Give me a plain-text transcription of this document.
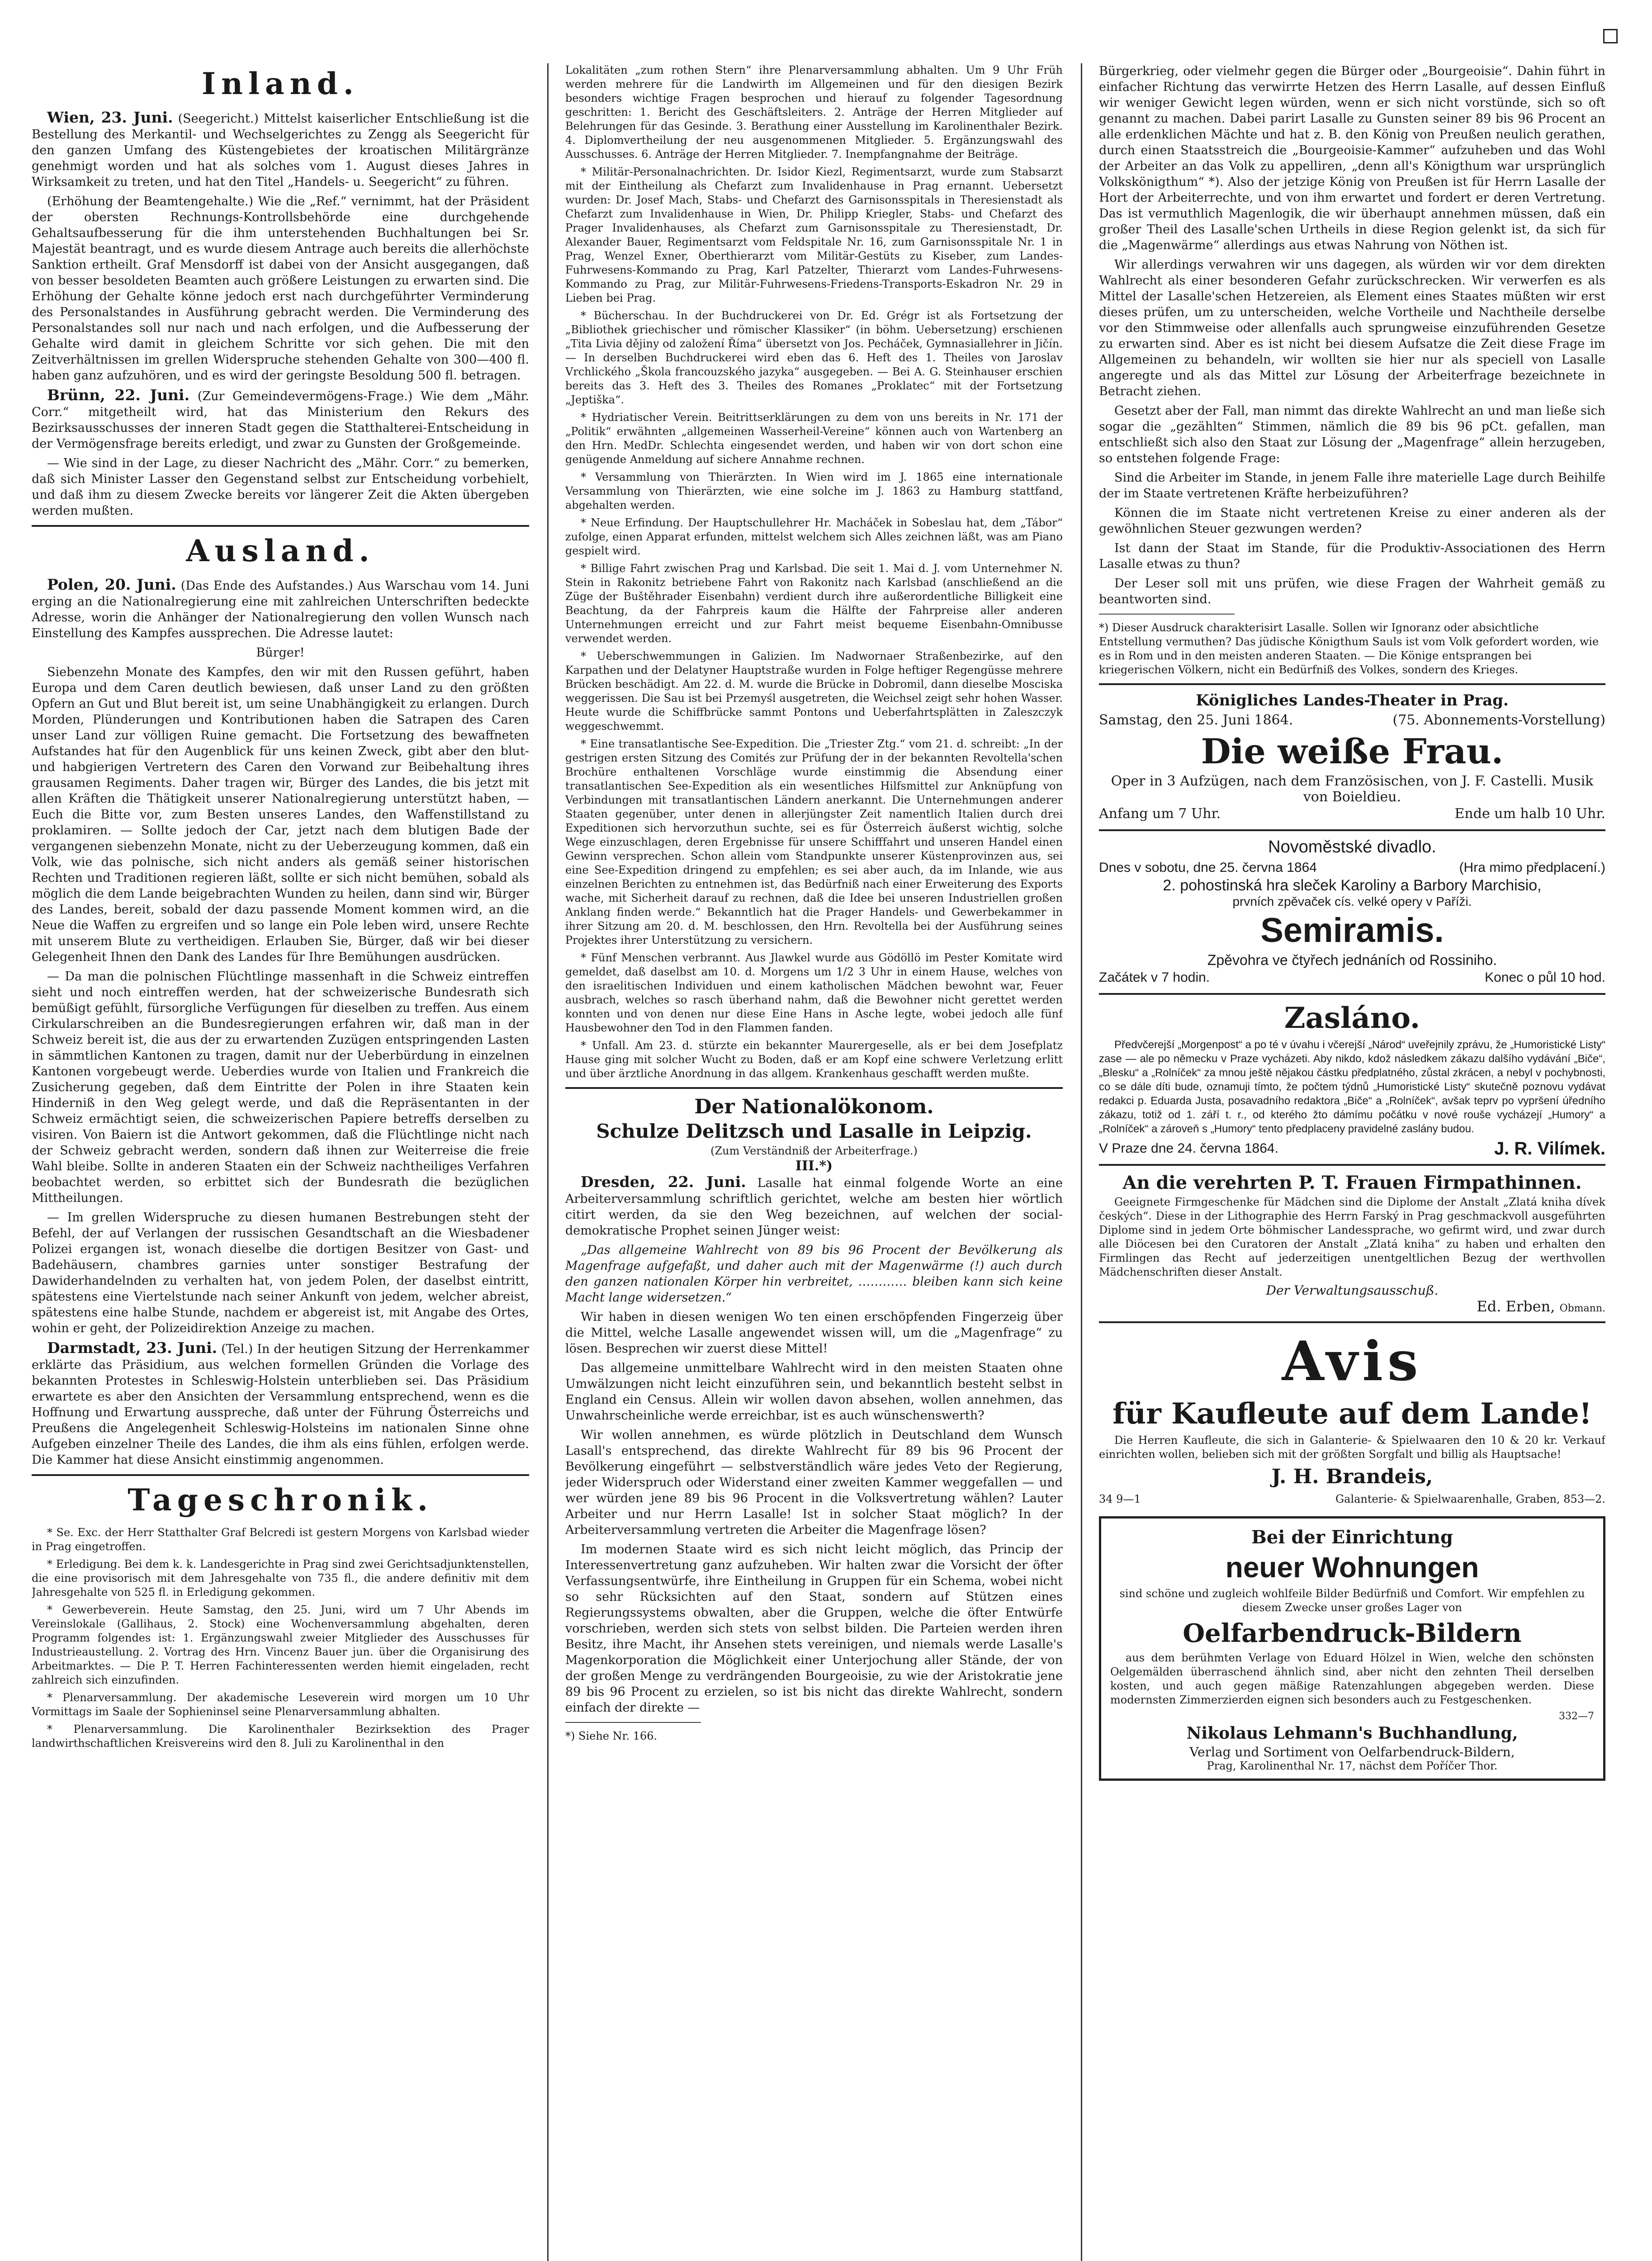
Inland.

Wien, 23. Juni. (Seegericht.) Mittelst kaiserlicher Entschließung ist die Bestellung des Merkantil- und Wechselgerichtes zu Zengg als Seegericht für den ganzen Umfang des Küstengebietes der kroatischen Militärgränze genehmigt worden und hat als solches vom 1. August dieses Jahres in Wirksamkeit zu treten, und hat den Titel „Handels- u. Seegericht“ zu führen.

(Erhöhung der Beamtengehalte.) Wie die „Ref.“ vernimmt, hat der Präsident der obersten Rechnungs-Kontrollsbehörde eine durchgehende Gehaltsaufbesserung für die ihm unterstehenden Buchhaltungen bei Sr. Majestät beantragt, und es wurde diesem Antrage auch bereits die allerhöchste Sanktion ertheilt. Graf Mensdorff ist dabei von der Ansicht ausgegangen, daß von besser besoldeten Beamten auch größere Leistungen zu erwarten sind. Die Erhöhung der Gehalte könne jedoch erst nach durchgeführter Verminderung des Personalstandes in Ausführung gebracht werden. Die Verminderung des Personalstandes soll nur nach und nach erfolgen, und die Aufbesserung der Gehalte wird damit in gleichem Schritte vor sich gehen. Die mit den Zeitverhältnissen im grellen Widerspruche stehenden Gehalte von 300—400 fl. haben ganz aufzuhören, und es wird der geringste Besoldung 500 fl. betragen.

Brünn, 22. Juni. (Zur Gemeindevermögens-Frage.) Wie dem „Mähr. Corr.“ mitgetheilt wird, hat das Ministerium den Rekurs des Bezirksausschusses der inneren Stadt gegen die Statthalterei-Entscheidung in der Vermögensfrage bereits erledigt, und zwar zu Gunsten der Großgemeinde.

— Wie sind in der Lage, zu dieser Nachricht des „Mähr. Corr.“ zu bemerken, daß sich Minister Lasser den Gegenstand selbst zur Entscheidung vorbehielt, und daß ihm zu diesem Zwecke bereits vor längerer Zeit die Akten übergeben werden mußten.

Ausland.

Polen, 20. Juni. (Das Ende des Aufstandes.) Aus Warschau vom 14. Juni erging an die Nationalregierung eine mit zahlreichen Unterschriften bedeckte Adresse, worin die Anhänger der Nationalregierung den vollen Wunsch nach Einstellung des Kampfes aussprechen. Die Adresse lautet:

Bürger!

Siebenzehn Monate des Kampfes, den wir mit den Russen geführt, haben Europa und dem Caren deutlich bewiesen, daß unser Land zu den größten Opfern an Gut und Blut bereit ist, um seine Unabhängigkeit zu erlangen. Durch Morden, Plünderungen und Kontributionen haben die Satrapen des Caren unser Land zur völligen Ruine gemacht. Die Fortsetzung des bewaffneten Aufstandes hat für den Augenblick für uns keinen Zweck, gibt aber den blut- und habgierigen Vertretern des Caren den Vorwand zur Beibehaltung ihres grausamen Regiments. Daher tragen wir, Bürger des Landes, die bis jetzt mit allen Kräften die Thätigkeit unserer Nationalregierung unterstützt haben, — Euch die Bitte vor, zum Besten unseres Landes, den Waffenstillstand zu proklamiren. — Sollte jedoch der Car, jetzt nach dem blutigen Bade der vergangenen siebenzehn Monate, nicht zu der Ueberzeugung kommen, daß ein Volk, wie das polnische, sich nicht anders als gemäß seiner historischen Rechten und Traditionen regieren läßt, sollte er sich nicht bemühen, sobald als möglich die dem Lande beigebrachten Wunden zu heilen, dann sind wir, Bürger des Landes, bereit, sobald der dazu passende Moment kommen wird, an die Neue die Waffen zu ergreifen und so lange ein Pole leben wird, unsere Rechte mit unserem Blute zu vertheidigen. Erlauben Sie, Bürger, daß wir bei dieser Gelegenheit Ihnen den Dank des Landes für Ihre Bemühungen ausdrücken.

— Da man die polnischen Flüchtlinge massenhaft in die Schweiz eintreffen sieht und noch eintreffen werden, hat der schweizerische Bundesrath sich bemüßigt gefühlt, fürsorgliche Verfügungen für dieselben zu treffen. Aus einem Cirkularschreiben an die Bundesregierungen erfahren wir, daß man in der Schweiz bereit ist, die aus der zu erwartenden Zuzügen entspringenden Lasten in sämmtlichen Kantonen zu tragen, damit nur der Ueberbürdung in einzelnen Kantonen vorgebeugt werde. Ueberdies wurde von Italien und Frankreich die Zusicherung gegeben, daß dem Eintritte der Polen in ihre Staaten kein Hinderniß in den Weg gelegt werde, und daß die Repräsentanten in der Schweiz ermächtigt seien, die schweizerischen Papiere betreffs derselben zu visiren. Von Baiern ist die Antwort gekommen, daß die Flüchtlinge nicht nach der Schweiz gebracht werden, sondern daß ihnen zur Weiterreise die freie Wahl bleibe. Sollte in anderen Staaten ein der Schweiz nachtheiliges Verfahren beobachtet werden, so erbittet sich der Bundesrath die bezüglichen Mittheilungen.

— Im grellen Widerspruche zu diesen humanen Bestrebungen steht der Befehl, der auf Verlangen der russischen Gesandtschaft an die Wiesbadener Polizei ergangen ist, wonach dieselbe die dortigen Besitzer von Gast- und Badehäusern, chambres garnies unter sonstiger Bestrafung der Dawiderhandelnden zu verhalten hat, von jedem Polen, der daselbst eintritt, spätestens eine Viertelstunde nach seiner Ankunft von jedem, welcher abreist, spätestens eine halbe Stunde, nachdem er abgereist ist, mit Angabe des Ortes, wohin er geht, der Polizeidirektion Anzeige zu machen.

Darmstadt, 23. Juni. (Tel.) In der heutigen Sitzung der Herrenkammer erklärte das Präsidium, aus welchen formellen Gründen die Vorlage des bekannten Protestes in Schleswig-Holstein unterblieben sei. Das Präsidium erwartete es aber den Ansichten der Versammlung entsprechend, wenn es die Hoffnung und Erwartung ausspreche, daß unter der Führung Österreichs und Preußens die Angelegenheit Schleswig-Holsteins im nationalen Sinne ohne Aufgeben einzelner Theile des Landes, die ihm als eins fühlen, erfolgen werde. Die Kammer hat diese Ansicht einstimmig angenommen.

Tageschronik.

* Se. Exc. der Herr Statthalter Graf Belcredi ist gestern Morgens von Karlsbad wieder in Prag eingetroffen.

* Erledigung. Bei dem k. k. Landesgerichte in Prag sind zwei Gerichtsadjunktenstellen, die eine provisorisch mit dem Jahresgehalte von 735 fl., die andere definitiv mit dem Jahresgehalte von 525 fl. in Erledigung gekommen.

* Gewerbeverein. Heute Samstag, den 25. Juni, wird um 7 Uhr Abends im Vereinslokale (Gallihaus, 2. Stock) eine Wochenversammlung abgehalten, deren Programm folgendes ist: 1. Ergänzungswahl zweier Mitglieder des Ausschusses für Industrieaustellung. 2. Vortrag des Hrn. Vincenz Bauer jun. über die Organisirung des Arbeitmarktes. — Die P. T. Herren Fachinteressenten werden hiemit eingeladen, recht zahlreich sich einzufinden.

* Plenarversammlung. Der akademische Leseverein wird morgen um 10 Uhr Vormittags im Saale der Sophieninsel seine Plenarversammlung abhalten.

* Plenarversammlung. Die Karolinenthaler Bezirksektion des Prager landwirthschaftlichen Kreisvereins wird den 8. Juli zu Karolinenthal in den

Lokalitäten „zum rothen Stern“ ihre Plenarversammlung abhalten. Um 9 Uhr Früh werden mehrere für die Landwirth im Allgemeinen und für den diesigen Bezirk besonders wichtige Fragen besprochen und hierauf zu folgender Tagesordnung geschritten: 1. Bericht des Geschäftsleiters. 2. Anträge der Herren Mitglieder auf Belehrungen für das Gesinde. 3. Berathung einer Ausstellung im Karolinenthaler Bezirk. 4. Diplomvertheilung der neu ausgenommenen Mitglieder. 5. Ergänzungswahl des Ausschusses. 6. Anträge der Herren Mitglieder. 7. Inempfangnahme der Beiträge.

* Militär-Personalnachrichten. Dr. Isidor Kiezl, Regimentsarzt, wurde zum Stabsarzt mit der Eintheilung als Chefarzt zum Invalidenhause in Prag ernannt. Uebersetzt wurden: Dr. Josef Mach, Stabs- und Chefarzt des Garnisonsspitals in Theresienstadt als Chefarzt zum Invalidenhause in Wien, Dr. Philipp Kriegler, Stabs- und Chefarzt des Prager Invalidenhauses, als Chefarzt zum Garnisonsspitale zu Theresienstadt, Dr. Alexander Bauer, Regimentsarzt vom Feldspitale Nr. 16, zum Garnisonsspitale Nr. 1 in Prag, Wenzel Exner, Oberthierarzt vom Militär-Gestüts zu Kiseber, zum Landes-Fuhrwesens-Kommando zu Prag, Karl Patzelter, Thierarzt vom Landes-Fuhrwesens-Kommando zu Prag, zur Militär-Fuhrwesens-Friedens-Transports-Eskadron Nr. 29 in Lieben bei Prag.

* Bücherschau. In der Buchdruckerei von Dr. Ed. Grégr ist als Fortsetzung der „Bibliothek griechischer und römischer Klassiker“ (in böhm. Uebersetzung) erschienen „Tita Livia dějiny od založení Říma“ übersetzt von Jos. Pecháček, Gymnasiallehrer in Jičín. — In derselben Buchdruckerei wird eben das 6. Heft des 1. Theiles von Jaroslav Vrchlického „Škola francouzského jazyka“ ausgegeben. — Bei A. G. Steinhauser erschien bereits das 3. Heft des 3. Theiles des Romanes „Proklatec“ mit der Fortsetzung „Jeptiška“.

* Hydriatischer Verein. Beitrittserklärungen zu dem von uns bereits in Nr. 171 der „Politik“ erwähnten „allgemeinen Wasserheil-Vereine“ können auch von Wartenberg an den Hrn. MedDr. Schlechta eingesendet werden, und haben wir von dort schon eine genügende Anmeldung auf sichere Annahme rechnen.

* Versammlung von Thierärzten. In Wien wird im J. 1865 eine internationale Versammlung von Thierärzten, wie eine solche im J. 1863 zu Hamburg stattfand, abgehalten werden.

* Neue Erfindung. Der Hauptschullehrer Hr. Macháček in Sobeslau hat, dem „Tábor“ zufolge, einen Apparat erfunden, mittelst welchem sich Alles zeichnen läßt, was am Piano gespielt wird.

* Billige Fahrt zwischen Prag und Karlsbad. Die seit 1. Mai d. J. vom Unternehmer N. Stein in Rakonitz betriebene Fahrt von Rakonitz nach Karlsbad (anschließend an die Züge der Buštěhrader Eisenbahn) verdient durch ihre außerordentliche Billigkeit eine Beachtung, da der Fahrpreis kaum die Hälfte der Fahrpreise aller anderen Unternehmungen erreicht und zur Fahrt meist bequeme Eisenbahn-Omnibusse verwendet werden.

* Ueberschwemmungen in Galizien. Im Nadwornaer Straßenbezirke, auf den Karpathen und der Delatyner Hauptstraße wurden in Folge heftiger Regengüsse mehrere Brücken beschädigt. Am 22. d. M. wurde die Brücke in Dobromil, dann dieselbe Mosciska weggerissen. Die Sau ist bei Przemyśl ausgetreten, die Weichsel zeigt sehr hohen Wasser. Heute wurde die Schiffbrücke sammt Pontons und Ueberfahrtsplätten in Zaleszczyk weggeschwemmt.

* Eine transatlantische See-Expedition. Die „Triester Ztg.“ vom 21. d. schreibt: „In der gestrigen ersten Sitzung des Comités zur Prüfung der in der bekannten Revoltella'schen Brochüre enthaltenen Vorschläge wurde einstimmig die Absendung einer transatlantischen See-Expedition als ein wesentliches Hilfsmittel zur Anknüpfung von Verbindungen mit transatlantischen Ländern anerkannt. Die Unternehmungen anderer Staaten gegenüber, unter denen in allerjüngster Zeit namentlich Italien durch drei Expeditionen sich hervorzuthun suchte, sei es für Österreich äußerst wichtig, solche Wege einzuschlagen, deren Ergebnisse für unsere Schifffahrt und unseren Handel einen Gewinn versprechen. Schon allein vom Standpunkte unserer Küstenprovinzen aus, sei eine See-Expedition dringend zu empfehlen; es sei aber auch, da im Inlande, wie aus einzelnen Berichten zu entnehmen ist, das Bedürfniß nach einer Erweiterung des Exports wache, mit Sicherheit darauf zu rechnen, daß die Idee bei unseren Industriellen großen Anklang finden werde.“ Bekanntlich hat die Prager Handels- und Gewerbekammer in ihrer Sitzung am 20. d. M. beschlossen, den Hrn. Revoltella bei der Ausführung seines Projektes ihrer Unterstützung zu versichern.

* Fünf Menschen verbrannt. Aus Jlawkel wurde aus Gödöllö im Pester Komitate wird gemeldet, daß daselbst am 10. d. Morgens um 1/2 3 Uhr in einem Hause, welches von den israelitischen Individuen und einem katholischen Mädchen bewohnt war, Feuer ausbrach, welches so rasch überhand nahm, daß die Bewohner nicht gerettet werden konnten und von denen nur diese Eine Hans in Asche legte, wobei jedoch alle fünf Hausbewohner den Tod in den Flammen fanden.

* Unfall. Am 23. d. stürzte ein bekannter Maurergeselle, als er bei dem Josefplatz Hause ging mit solcher Wucht zu Boden, daß er am Kopf eine schwere Verletzung erlitt und über ärztliche Anordnung in das allgem. Krankenhaus geschafft werden mußte.

Der Nationalökonom.
Schulze Delitzsch und Lasalle in Leipzig.
(Zum Verständniß der Arbeiterfrage.)
III.*)

Dresden, 22. Juni. Lasalle hat einmal folgende Worte an eine Arbeiterversammlung schriftlich gerichtet, welche am besten hier wörtlich citirt werden, da sie den Weg bezeichnen, auf welchen der social-demokratische Prophet seinen Jünger weist:

„Das allgemeine Wahlrecht von 89 bis 96 Procent der Bevölkerung als Magenfrage aufgefaßt, und daher auch mit der Magenwärme (!) auch durch den ganzen nationalen Körper hin verbreitet, ………… bleiben kann sich keine Macht lange widersetzen.“

Wir haben in diesen wenigen Wo ten einen erschöpfenden Fingerzeig über die Mittel, welche Lasalle angewendet wissen will, um die „Magenfrage“ zu lösen. Besprechen wir zuerst diese Mittel!

Das allgemeine unmittelbare Wahlrecht wird in den meisten Staaten ohne Umwälzungen nicht leicht einzuführen sein, und bekanntlich besteht selbst in England ein Census. Allein wir wollen davon absehen, wollen annehmen, das Unwahrscheinliche werde erreichbar, ist es auch wünschenswerth?

Wir wollen annehmen, es würde plötzlich in Deutschland dem Wunsch Lasall's entsprechend, das direkte Wahlrecht für 89 bis 96 Procent der Bevölkerung eingeführt — selbstverständlich wäre jedes Veto der Regierung, jeder Widerspruch oder Widerstand einer zweiten Kammer weggefallen — und wer würden jene 89 bis 96 Procent in die Volksvertretung wählen? Lauter Arbeiter und nur Herrn Lasalle! Ist in solcher Staat möglich? In der Arbeiterversammlung vertreten die Arbeiter die Magenfrage lösen?

Im modernen Staate wird es sich nicht leicht möglich, das Princip der Interessenvertretung ganz aufzuheben. Wir halten zwar die Vorsicht der öfter Verfassungsentwürfe, ihre Eintheilung in Gruppen für ein Schema, wobei nicht so sehr Rücksichten auf den Staat, sondern auf Stützen eines Regierungssystems obwalten, aber die Gruppen, welche die öfter Entwürfe vorschrieben, werden sich stets von selbst bilden. Die Parteien werden ihren Besitz, ihre Macht, ihr Ansehen stets vereinigen, und niemals werde Lasalle's Magenkorporation die Möglichkeit einer Unterjochung aller Stände, der von der großen Menge zu verdrängenden Bourgeoisie, zu wie der Aristokratie jene 89 bis 96 Procent zu erzielen, so ist bis nicht das direkte Wahlrecht, sondern einfach der direkte —

*) Siehe Nr. 166.

Bürgerkrieg, oder vielmehr gegen die Bürger oder „Bourgeoisie“. Dahin führt in einfacher Richtung das verwirrte Hetzen des Herrn Lasalle, auf dessen Einfluß wir weniger Gewicht legen würden, wenn er sich nicht vorstünde, sich so oft genannt zu machen. Dabei parirt Lasalle zu Gunsten seiner 89 bis 96 Procent an alle erdenklichen Mächte und hat z. B. den König von Preußen neulich gerathen, durch einen Staatsstreich die „Bourgeoisie-Kammer“ aufzuheben und das Wohl der Arbeiter an das Volk zu appelliren, „denn all's Königthum war ursprünglich Volkskönigthum“ *). Also der jetzige König von Preußen ist für Herrn Lasalle der Hort der Arbeiterrechte, und von ihm erwartet und fordert er deren Vertretung. Das ist vermuthlich Magenlogik, die wir überhaupt annehmen müssen, daß ein großer Theil des Lasalle'schen Urtheils in diese Region gelenkt ist, da sich für die „Magenwärme“ allerdings aus etwas Nahrung von Nöthen ist.

Wir allerdings verwahren wir uns dagegen, als würden wir vor dem direkten Wahlrecht als einer besonderen Gefahr zurückschrecken. Wir verwerfen es als Mittel der Lasalle'schen Hetzereien, als Element eines Staates müßten wir erst dieses prüfen, um zu unterscheiden, welche Vortheile und Nachtheile derselbe vor den Stimmweise oder allenfalls auch sprungweise einzuführenden Gesetze zu erwarten sind. Aber es ist nicht bei diesem Aufsatze die Zeit diese Frage im Allgemeinen zu behandeln, wir wollten sie hier nur als speciell von Lasalle angeregte und als das Mittel zur Lösung der Arbeiterfrage bezeichnete in Betracht ziehen.

Gesetzt aber der Fall, man nimmt das direkte Wahlrecht an und man ließe sich sogar die „gezählten“ Stimmen, nämlich die 89 bis 96 pCt. gefallen, man entschließt sich also den Staat zur Lösung der „Magenfrage“ allein herzugeben, so entstehen folgende Frage:

Sind die Arbeiter im Stande, in jenem Falle ihre materielle Lage durch Beihilfe der im Staate vertretenen Kräfte herbeizuführen?

Können die im Staate nicht vertretenen Kreise zu einer anderen als der gewöhnlichen Steuer gezwungen werden?

Ist dann der Staat im Stande, für die Produktiv-Associationen des Herrn Lasalle etwas zu thun?

Der Leser soll mit uns prüfen, wie diese Fragen der Wahrheit gemäß zu beantworten sind.

*) Dieser Ausdruck charakterisirt Lasalle. Sollen wir Ignoranz oder absichtliche Entstellung vermuthen? Das jüdische Königthum Sauls ist vom Volk gefordert worden, wie es in Rom und in den meisten anderen Staaten. — Die Könige entsprangen bei kriegerischen Völkern, nicht ein Bedürfniß des Volkes, sondern des Krieges.
Königliches Landes-Theater in Prag.
Samstag, den 25. Juni 1864.	(75. Abonnements-Vorstellung)
Die weiße Frau.
Oper in 3 Aufzügen, nach dem Französischen, von J. F. Castelli. Musik von Boieldieu.
Anfang um 7 Uhr.	Ende um halb 10 Uhr.
Novoměstské divadlo.
Dnes v sobotu, dne 25. června 1864	(Hra mimo předplacení.)
2. pohostinská hra sleček Karoliny a Barbory Marchisio,
prvních zpěvaček cís. velké opery v Paříži.
Semiramis.
Zpěvohra ve čtyřech jednáních od Rossiniho.
Začátek v 7 hodin.	Konec o půl 10 hod.
Zasláno.

Předvčerejší „Morgenpost“ a po té v úvahu i včerejší „Národ“ uveřejnily zprávu, že „Humoristické Listy“ zase — ale po německu v Praze vycházeti. Aby nikdo, kdož následkem zákazu dalšího vydávání „Biče“, „Blesku“ a „Rolníček“ za mnou ještě nějakou částku předplatného, zůstal zkrácen, a nebyl v pochybnosti, co se dále díti bude, oznamuji tímto, že počtem týdnů „Humoristické Listy“ skutečně poznovu vydávat redakci p. Eduarda Justa, posavadního redaktora „Biče“ a „Rolníček“, avšak teprv po vypršení úředního zákazu, totiž od 1. září t. r., od kterého žto dámímu počátku v nové rouše vycházejí „Humory“ a „Rolníček“ a zároveň s „Humory“ tento předplaceny pravidelné zaslány budou.

V Praze dne 24. června 1864.	J. R. Vilímek.
An die verehrten P. T. Frauen Firmpathinnen.

Geeignete Firmgeschenke für Mädchen sind die Diplome der Anstalt „Zlatá kniha dívek českých“. Diese in der Lithographie des Herrn Farský in Prag geschmackvoll ausgeführten Diplome sind in jedem Orte böhmischer Landessprache, wo gefirmt wird, und zwar durch alle Diöcesen bei den Curatoren der Anstalt „Zlatá kniha“ zu haben und erhalten den Firmlingen das Recht auf jederzeitigen unentgeltlichen Bezug der werthvollen Mädchenschriften dieser Anstalt.

Der Verwaltungsausschuß.
Ed. Erben, Obmann.
Avis
für Kaufleute auf dem Lande!

Die Herren Kaufleute, die sich in Galanterie- & Spielwaaren den 10 & 20 kr. Verkauf einrichten wollen, belieben sich mit der größten Sorgfalt und billig als Hauptsache!

J. H. Brandeis,
34 9—1	Galanterie- & Spielwaarenhalle, Graben, 853—2.
Bei der Einrichtung
neuer Wohnungen

sind schöne und zugleich wohlfeile Bilder Bedürfniß und Comfort. Wir empfehlen zu diesem Zwecke unser großes Lager von

Oelfarbendruck-Bildern

aus dem berühmten Verlage von Eduard Hölzel in Wien, welche den schönsten Oelgemälden überraschend ähnlich sind, aber nicht den zehnten Theil derselben kosten, und auch gegen mäßige Ratenzahlungen abgegeben werden. Diese modernsten Zimmerzierden eignen sich besonders auch zu Festgeschenken.

332—7
Nikolaus Lehmann's Buchhandlung,
Verlag und Sortiment von Oelfarbendruck-Bildern,
Prag, Karolinenthal Nr. 17, nächst dem Poříčer Thor.
